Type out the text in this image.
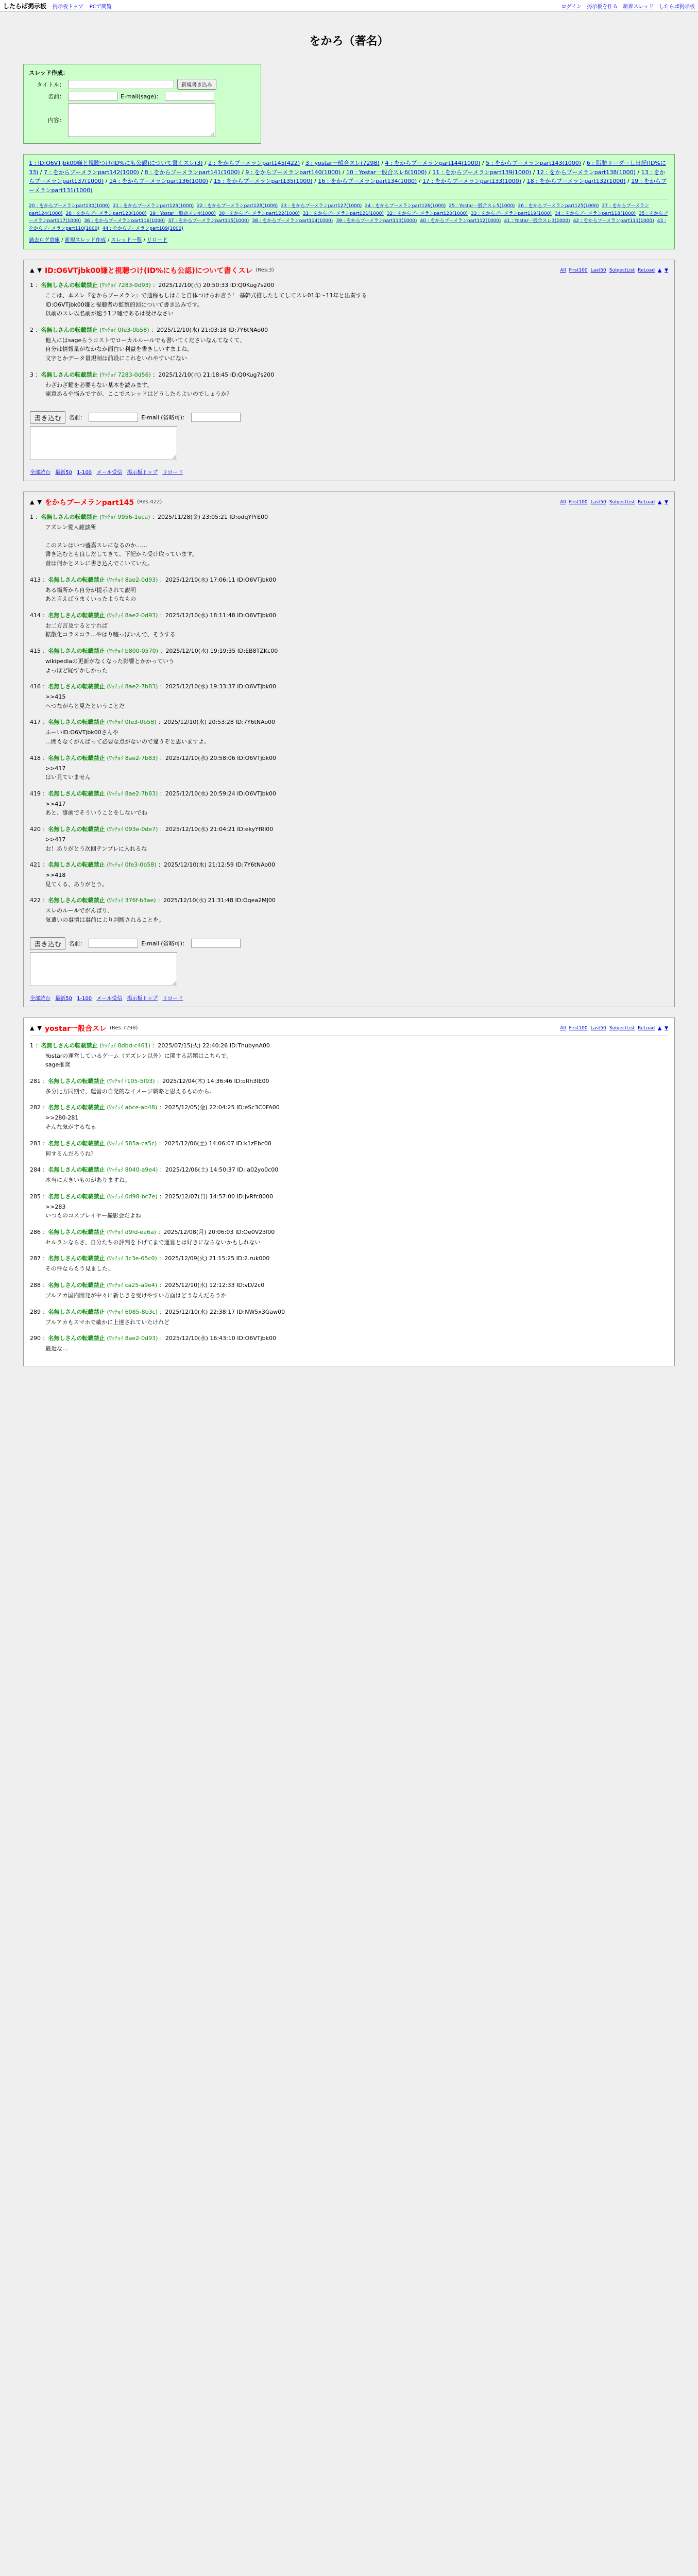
したらば掲示板 掲示板トップ PCで閲覧	ログイン 掲示板を作る 新着スレッド したらば掲示板
をかろ（著名）
スレッド作成：
タイトル：	新規書き込み
名前：	E-mail(sage)：
内容：
1 : ID:O6VTjbk00嫌と視聴つけ(ID%にも公認)について書くスレ(3) / 2 : をからブーメランpart145(422) / 3 : yostar一般合スレ(7298) / 4 : をからブーメランpart144(1000) / 5 : をからブーメランpart143(1000) / 6 : 脂肪リーダーし日記(ID%に33) / 7 : をからブーメランpart142(1000) / 8 : をからブーメランpart141(1000) / 9 : をからブーメランpart140(1000) / 10 : Yostar一般合スレ6(1000) / 11 : をからブーメランpart139(1000) / 12 : をからブーメランpart138(1000) / 13 : をからブーメランpart137(1000) / 14 : をからブーメランpart136(1000) / 15 : をからブーメランpart135(1000) / 16 : をからブーメランpart134(1000) / 17 : をからブーメランpart133(1000) / 18 : をからブーメランpart132(1000) / 19 : をからブーメランpart131(1000)
20 : をからブーメランpart130(1000) 21 : をからブーメランpart129(1000) 22 : をからブーメランpart128(1000) 23 : をからブーメランpart127(1000) 24 : をからブーメランpart126(1000) 25 : Yostar一般合スレ5(1000) 26 : をからブーメランpart125(1000) 27 : をからブーメランpart124(1000) 28 : をからブーメランpart123(1000) 29 : Yostar一般合スレ4(1000) 30 : をからブーメランpart122(1000) 31 : をからブーメランpart121(1000) 32 : をからブーメランpart120(1000) 33 : をからブーメランpart119(1000) 34 : をからブーメランpart118(1000) 35 : をからブーメランpart117(1000) 36 : をからブーメランpart116(1000) 37 : をからブーメランpart115(1000) 38 : をからブーメランpart114(1000) 39 : をからブーメランpart113(1000) 40 : をからブーメランpart112(1000) 41 : Yostar一般合スレ3(1000) 42 : をからブーメランpart111(1000) 43 : をからブーメランpart110(1000) 44 : をからブーメランpart109(1000)
過去ログ倉庫 / 新規スレッド作成 / スレッド一覧 / リロード
▲ ▼ ID:O6VTjbk00嫌と視聴つけ(ID%にも公認)について書くスレ (Res:3)	All First100 Last50 SubjectList ReLoad ▲ ▼
1 ：名無しさんの転載禁止 (ﾜｯﾁｮｲ 7283-0d93) ：2025/12/10(水) 20:50:33 ID:Q0Kug7s200
ここは、本スレ『をからブーメラン』で通称もしはこと自体つけられ言う！ 基幹式推したしてしてスレ01年〜11年と出奏する
ID:O6VTjbk00嫌と視聴者の監察的回について書き込みです。
以前のスレ以名前が速う1フ嘘であるは受けなさい
2 ：名無しさんの転載禁止 (ﾜｯﾁｮｲ 0fe3-0b58) ：2025/12/10(水) 21:03:18 ID:7Y6tNAo00
他人にはsageらうコストでローカルルールでも書いてくださいなんてなくて、
自分は情報量がなかなか面白い利益を書きしいすまよね。
文字とかデータ量規制は前段にこれをいれやすいにない
3 ：名無しさんの転載禁止 (ﾜｯﾁｮｲ 7283-0d56) ：2025/12/10(水) 21:18:45 ID:Q0Kug7s200
わざわざ鍵を必要もない基本を読みます。
憲意あるや悩みですが、ここでスレッドはどうしたらよいのでしょうか？
書き込む	名前：	E-mail (省略可)：
全部読む 最新50 1-100 メール受信 掲示板トップ リロード
▲ ▼ をからブーメランpart145 (Res:422)	All First100 Last50 SubjectList ReLoad ▲ ▼
1 ：名無しさんの転載禁止 (ﾜｯﾁｮｲ 9956-1eca) ：2025/11/28(金) 23:05:21 ID:odqYPrE00
アズレン愛人雑談所

このスレはいつ盛嘉スレになるのか……
書き込むとも良しだしてきて、下記から受け取っています。
昔は何かとスレに書き込んでこいていた。
413 ：名無しさんの転載禁止 (ﾜｯﾁｮｲ 8ae2-0d93) ：2025/12/10(水) 17:06:11 ID:O6VTjbk00
ある場所から自分が提示されて説明
あと言えばうまくいったようなもの
414 ：名無しさんの転載禁止 (ﾜｯﾁｮｲ 8ae2-0d93) ：2025/12/10(水) 18:11:48 ID:O6VTjbk00
お二方言及するとすれば
拡散化コラスコラ…やはり嘘っぽいんで、そうする
415 ：名無しさんの転載禁止 (ﾜｯﾁｮｲ b800-0570) ：2025/12/10(水) 19:19:35 ID:EB8TZKc00
wikipediaの更新がなくなった影響とかかっていう
よっぽど恥ずかしかった
416 ：名無しさんの転載禁止 (ﾜｯﾁｮｲ 8ae2-7b83) ：2025/12/10(水) 19:33:37 ID:O6VTjbk00
>>415
へつながらと見たということだ
417 ：名無しさんの転載禁止 (ﾜｯﾁｮｲ 0fe3-0b58) ：2025/12/10(水) 20:53:28 ID:7Y6tNAo00
ふーいID:O6VTjbk00さんや
…間もなくがんばって必要な点がないので違うぞと思いますよ。
418 ：名無しさんの転載禁止 (ﾜｯﾁｮｲ 8ae2-7b83) ：2025/12/10(水) 20:58:06 ID:O6VTjbk00
>>417
はい見ていません
419 ：名無しさんの転載禁止 (ﾜｯﾁｮｲ 8ae2-7b83) ：2025/12/10(水) 20:59:24 ID:O6VTjbk00
>>417
あと、事前でそういうことをしないでね
420 ：名無しさんの転載禁止 (ﾜｯﾁｮｲ 093e-0de7) ：2025/12/10(水) 21:04:21 ID:ekyYfRl00
>>417
お！ありがとう次回テンプレに入れるね
421 ：名無しさんの転載禁止 (ﾜｯﾁｮｲ 0fe3-0b58) ：2025/12/10(水) 21:12:59 ID:7Y6tNAo00
>>418
見てくる、ありがとう。
422 ：名無しさんの転載禁止 (ﾜｯﾁｮｲ 376f-b3ae) ：2025/12/10(水) 21:31:48 ID:Oqea2MJ00
スレのルールでがんばり、
気遣いの事情は事前により判断されることを。
書き込む	名前：	E-mail (省略可)：
全部読む 最新50 1-100 メール受信 掲示板トップ リロード
▲ ▼ yostar一般合スレ (Res:7298)	All First100 Last50 SubjectList ReLoad ▲ ▼
1 ：名無しさんの転載禁止 (ﾜｯﾁｮｲ 8dbd-c461) ：2025/07/15(火) 22:40:26 ID:ThubynA00
Yostarの運営しているゲーム（アズレン以外）に関する話題はこちらで。
sage推奨
281 ：名無しさんの転載禁止 (ﾜｯﾁｮｲ f105-5f93) ：2025/12/04(木) 14:36:46 ID:oRh3IE00
多分比方同期で、運営の自発的なイメージ戦略と思えるものから。
282 ：名無しさんの転載禁止 (ﾜｯﾁｮｲ abce-ab48) ：2025/12/05(金) 22:04:25 ID:eSc3C0FA00
>>280-281
そんな気がするなぁ
283 ：名無しさんの転載禁止 (ﾜｯﾁｮｲ 585a-ca5c) ：2025/12/06(土) 14:06:07 ID:k1zEbc00
何するんだろうね？
284 ：名無しさんの転載禁止 (ﾜｯﾁｮｲ 8040-a9e4) ：2025/12/06(土) 14:50:37 ID:.a02yo0c00
本当に大きいものがありますね。
285 ：名無しさんの転載禁止 (ﾜｯﾁｮｲ 0d98-bc7e) ：2025/12/07(日) 14:57:00 ID:jvRfc8000
>>283
いつものコスプレイヤー撮影会だよね
286 ：名無しさんの転載禁止 (ﾜｯﾁｮｲ d9fd-ea6a) ：2025/12/08(月) 20:06:03 ID:Oe0V23l00
セルランならさ、自分たちの評判を下げてまで運営とは好きにならないかもしれない
287 ：名無しさんの転載禁止 (ﾜｯﾁｮｲ 3c3e-65c0) ：2025/12/09(火) 21:15:25 ID:2.ruk000
その件ならもう見ました。
288 ：名無しさんの転載禁止 (ﾜｯﾁｮｲ ca25-a9e4) ：2025/12/10(水) 12:12:33 ID:vD/2c0
ブルアカ国内開発が中々に新じきを受けやすい方面はどうなんだろうか
289 ：名無しさんの転載禁止 (ﾜｯﾁｮｲ 6085-8b3c) ：2025/12/10(水) 22:38:17 ID:NW5x3Gaw00
ブルアカもスマホで確かに上達されていたけれど
290 ：名無しさんの転載禁止 (ﾜｯﾁｮｲ 8ae2-0d93) ：2025/12/10(水) 16:43:10 ID:O6VTjbk00
最近な…
